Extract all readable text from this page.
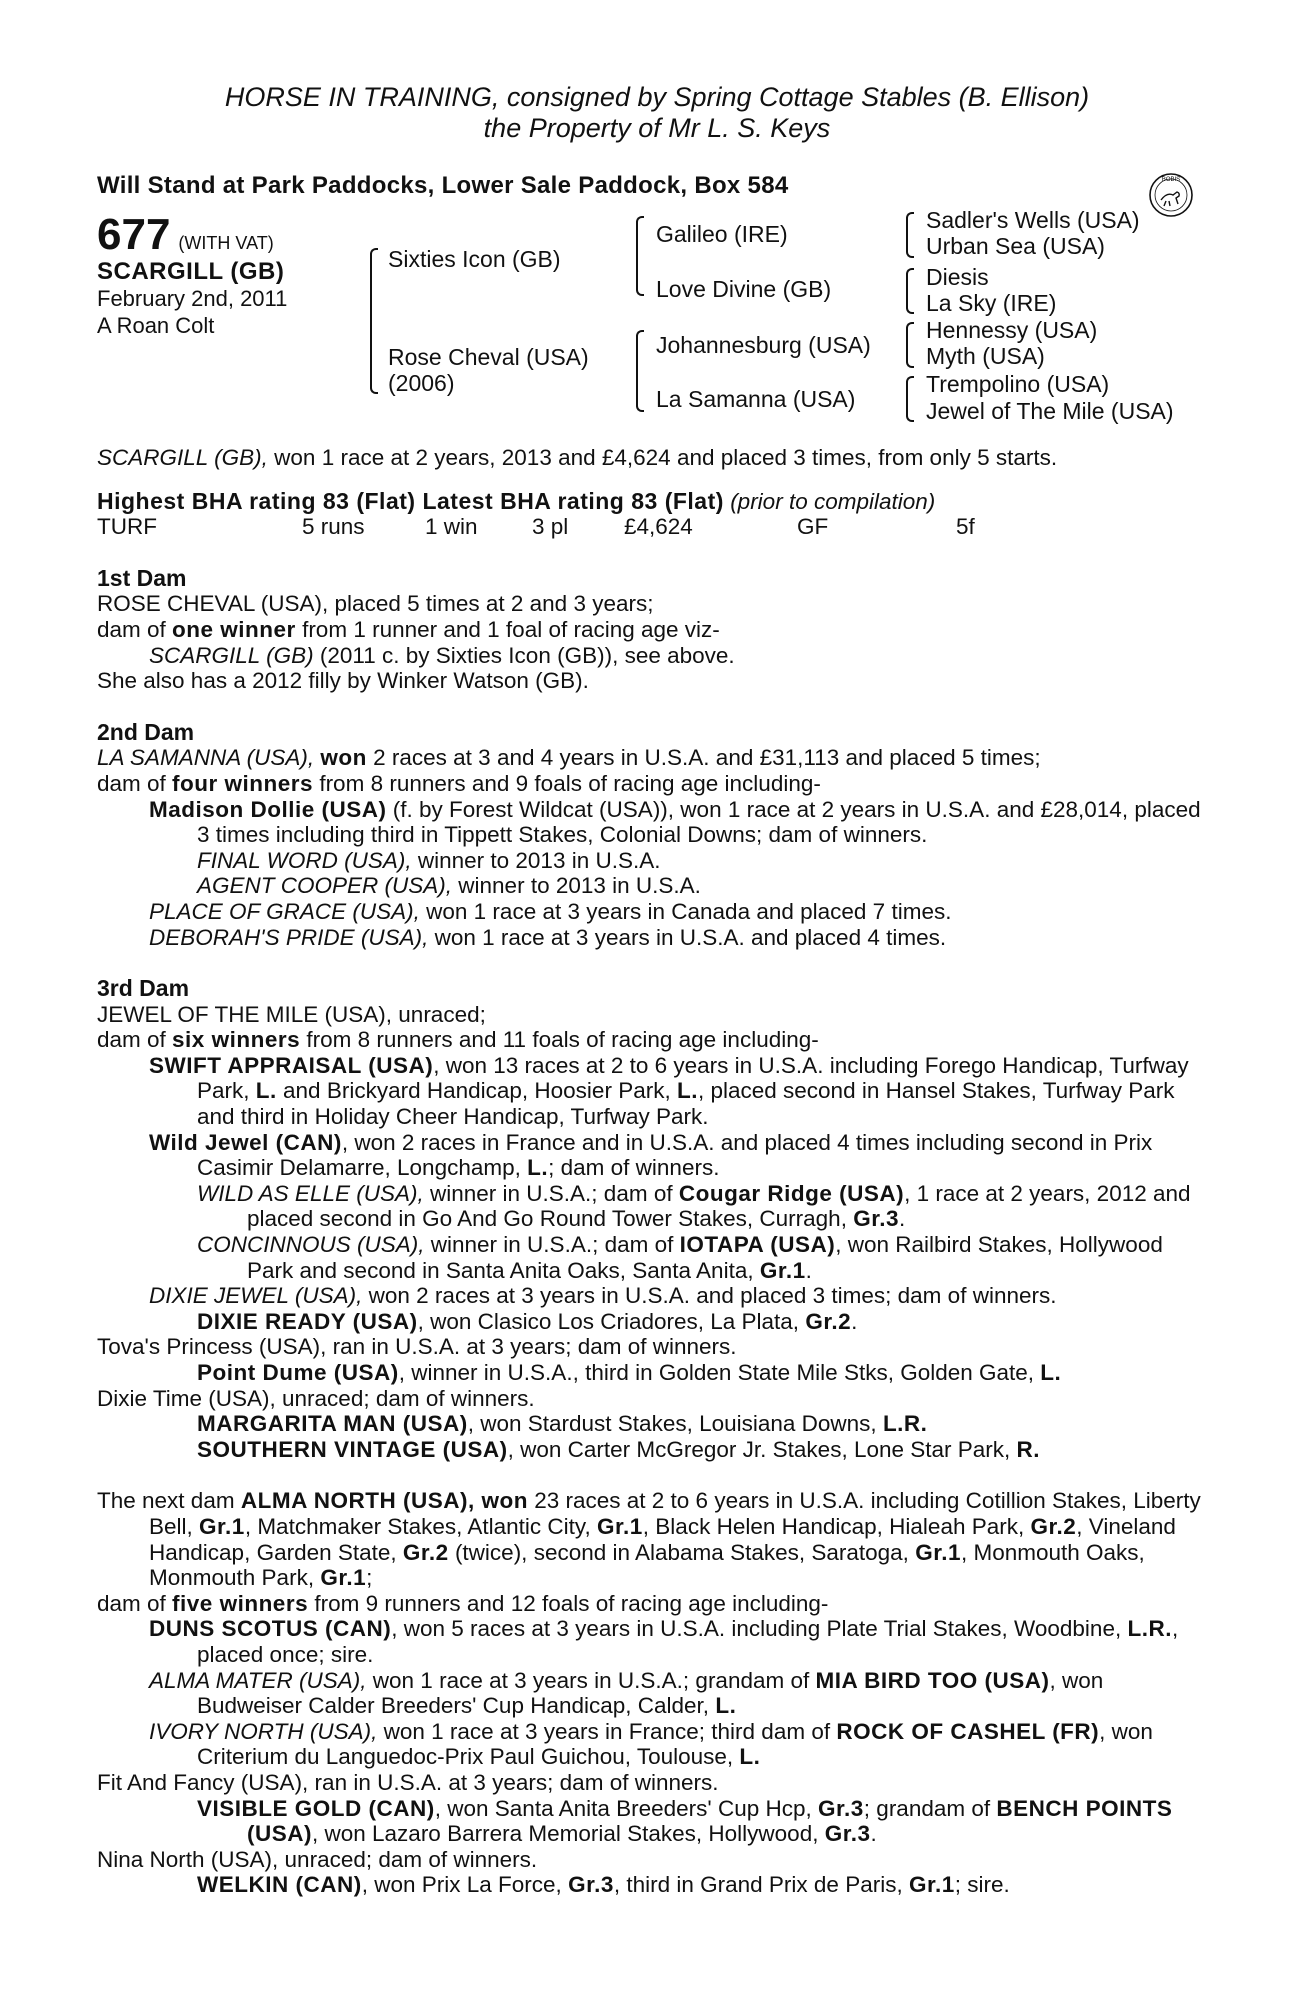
HORSE IN TRAINING, consigned by Spring Cottage Stables (B. Ellison)
the Property of Mr L. S. Keys
Will Stand at Park Paddocks, Lower Sale Paddock, Box 584	BOBIS
677 (WITH VAT)
SCARGILL (GB)
February 2nd, 2011
A Roan Colt
Sixties Icon (GB)
Rose Cheval (USA)
(2006)
Galileo (IRE)
Love Divine (GB)
Johannesburg (USA)
La Samanna (USA)
Sadler's Wells (USA)
Urban Sea (USA)
Diesis
La Sky (IRE)
Hennessy (USA)
Myth (USA)
Trempolino (USA)
Jewel of The Mile (USA)

SCARGILL (GB), won 1 race at 2 years, 2013 and £4,624 and placed 3 times, from only 5 starts.

Highest BHA rating 83 (Flat) Latest BHA rating 83 (Flat) (prior to compilation)

TURF	5 runs	1 win 3 pl £4,624	GF	5f

1st Dam

ROSE CHEVAL (USA), placed 5 times at 2 and 3 years;

dam of one winner from 1 runner and 1 foal of racing age viz-

SCARGILL (GB) (2011 c. by Sixties Icon (GB)), see above.

She also has a 2012 filly by Winker Watson (GB).

2nd Dam

LA SAMANNA (USA), won 2 races at 3 and 4 years in U.S.A. and £31,113 and placed 5 times;

dam of four winners from 8 runners and 9 foals of racing age including-

Madison Dollie (USA) (f. by Forest Wildcat (USA)), won 1 race at 2 years in U.S.A. and £28,014, placed 3 times including third in Tippett Stakes, Colonial Downs; dam of winners.

FINAL WORD (USA), winner to 2013 in U.S.A.

AGENT COOPER (USA), winner to 2013 in U.S.A.

PLACE OF GRACE (USA), won 1 race at 3 years in Canada and placed 7 times.

DEBORAH'S PRIDE (USA), won 1 race at 3 years in U.S.A. and placed 4 times.

3rd Dam

JEWEL OF THE MILE (USA), unraced;

dam of six winners from 8 runners and 11 foals of racing age including-

SWIFT APPRAISAL (USA), won 13 races at 2 to 6 years in U.S.A. including Forego Handicap, Turfway Park, L. and Brickyard Handicap, Hoosier Park, L., placed second in Hansel Stakes, Turfway Park and third in Holiday Cheer Handicap, Turfway Park.

Wild Jewel (CAN), won 2 races in France and in U.S.A. and placed 4 times including second in Prix Casimir Delamarre, Longchamp, L.; dam of winners.

WILD AS ELLE (USA), winner in U.S.A.; dam of Cougar Ridge (USA), 1 race at 2 years, 2012 and placed second in Go And Go Round Tower Stakes, Curragh, Gr.3.

CONCINNOUS (USA), winner in U.S.A.; dam of IOTAPA (USA), won Railbird Stakes, Hollywood Park and second in Santa Anita Oaks, Santa Anita, Gr.1.

DIXIE JEWEL (USA), won 2 races at 3 years in U.S.A. and placed 3 times; dam of winners.

DIXIE READY (USA), won Clasico Los Criadores, La Plata, Gr.2.

Tova's Princess (USA), ran in U.S.A. at 3 years; dam of winners.

Point Dume (USA), winner in U.S.A., third in Golden State Mile Stks, Golden Gate, L.

Dixie Time (USA), unraced; dam of winners.

MARGARITA MAN (USA), won Stardust Stakes, Louisiana Downs, L.R.

SOUTHERN VINTAGE (USA), won Carter McGregor Jr. Stakes, Lone Star Park, R.

The next dam ALMA NORTH (USA), won 23 races at 2 to 6 years in U.S.A. including Cotillion Stakes, Liberty Bell, Gr.1, Matchmaker Stakes, Atlantic City, Gr.1, Black Helen Handicap, Hialeah Park, Gr.2, Vineland Handicap, Garden State, Gr.2 (twice), second in Alabama Stakes, Saratoga, Gr.1, Monmouth Oaks, Monmouth Park, Gr.1;

dam of five winners from 9 runners and 12 foals of racing age including-

DUNS SCOTUS (CAN), won 5 races at 3 years in U.S.A. including Plate Trial Stakes, Woodbine, L.R., placed once; sire.

ALMA MATER (USA), won 1 race at 3 years in U.S.A.; grandam of MIA BIRD TOO (USA), won Budweiser Calder Breeders' Cup Handicap, Calder, L.

IVORY NORTH (USA), won 1 race at 3 years in France; third dam of ROCK OF CASHEL (FR), won Criterium du Languedoc-Prix Paul Guichou, Toulouse, L.

Fit And Fancy (USA), ran in U.S.A. at 3 years; dam of winners.

VISIBLE GOLD (CAN), won Santa Anita Breeders' Cup Hcp, Gr.3; grandam of BENCH POINTS (USA), won Lazaro Barrera Memorial Stakes, Hollywood, Gr.3.

Nina North (USA), unraced; dam of winners.

WELKIN (CAN), won Prix La Force, Gr.3, third in Grand Prix de Paris, Gr.1; sire.
